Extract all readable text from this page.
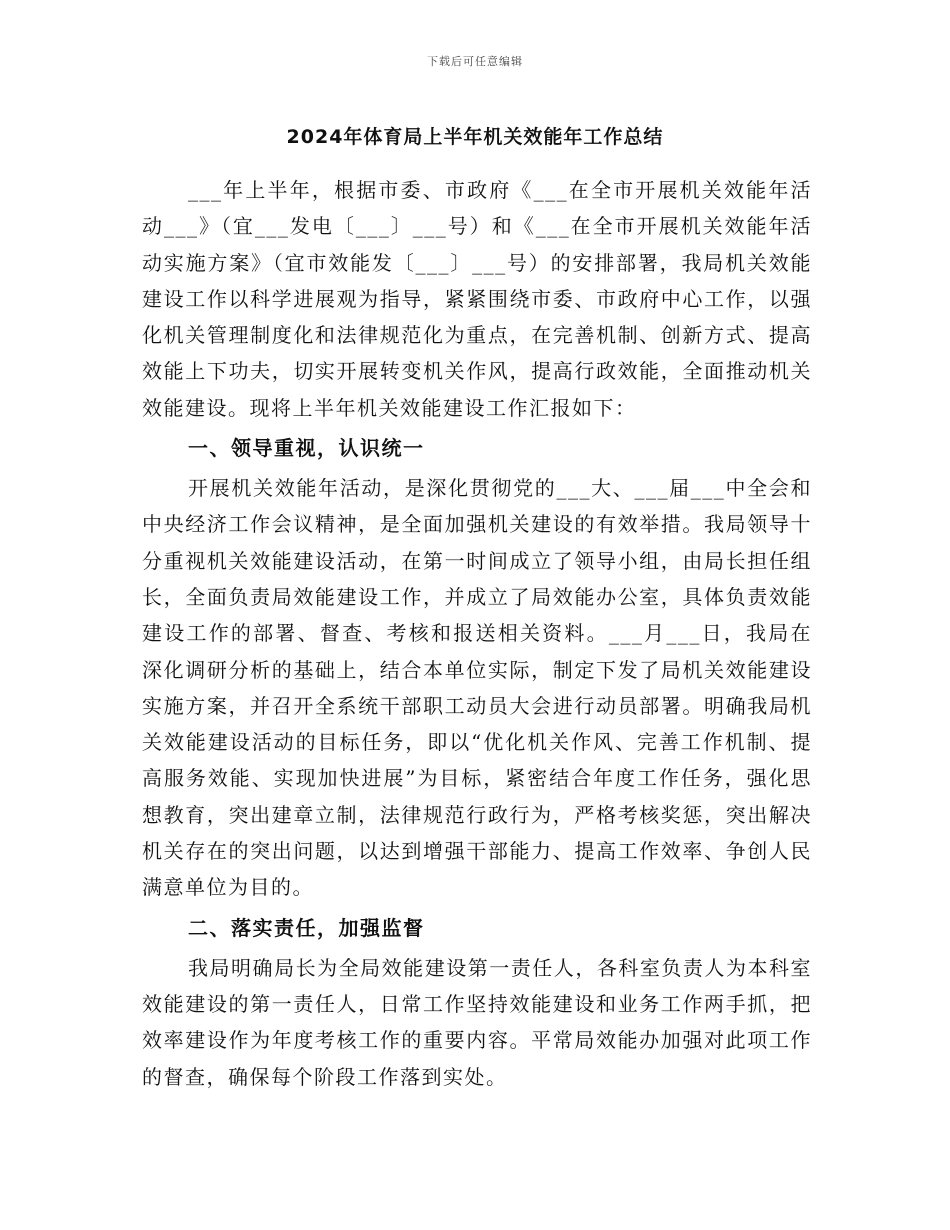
下载后可任意编辑
2024年体育局上半年机关效能年工作总结

___年上半年，根据市委、市政府《___在全市开展机关效能年活动___》（宜___发电〔___〕___号）和《___在全市开展机关效能年活动实施方案》（宜市效能发〔___〕___号）的安排部署，我局机关效能建设工作以科学进展观为指导，紧紧围绕市委、市政府中心工作，以强化机关管理制度化和法律规范化为重点，在完善机制、创新方式、提高效能上下功夫，切实开展转变机关作风，提高行政效能，全面推动机关效能建设。现将上半年机关效能建设工作汇报如下：

一、领导重视，认识统一

开展机关效能年活动，是深化贯彻党的___大、___届___中全会和中央经济工作会议精神，是全面加强机关建设的有效举措。我局领导十分重视机关效能建设活动，在第一时间成立了领导小组，由局长担任组长，全面负责局效能建设工作，并成立了局效能办公室，具体负责效能建设工作的部署、督查、考核和报送相关资料。___月___日，我局在深化调研分析的基础上，结合本单位实际，制定下发了局机关效能建设实施方案，并召开全系统干部职工动员大会进行动员部署。明确我局机关效能建设活动的目标任务，即以“优化机关作风、完善工作机制、提高服务效能、实现加快进展”为目标，紧密结合年度工作任务，强化思想教育，突出建章立制，法律规范行政行为，严格考核奖惩，突出解决机关存在的突出问题，以达到增强干部能力、提高工作效率、争创人民满意单位为目的。

二、落实责任，加强监督

我局明确局长为全局效能建设第一责任人，各科室负责人为本科室效能建设的第一责任人，日常工作坚持效能建设和业务工作两手抓，把效率建设作为年度考核工作的重要内容。平常局效能办加强对此项工作的督查，确保每个阶段工作落到实处。
